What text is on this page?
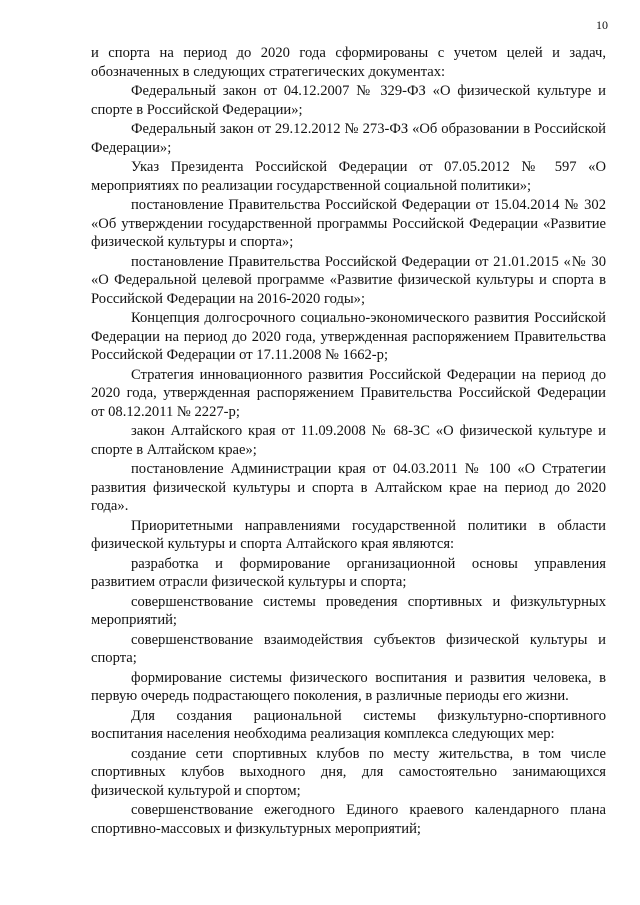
10

и спорта на период до 2020 года сформированы с учетом целей и задач, обозначенных в следующих стратегических документах:

Федеральный закон от 04.12.2007 № 329-ФЗ «О физической культуре и спорте в Российской Федерации»;

Федеральный закон от 29.12.2012 № 273-ФЗ «Об образовании в Российской Федерации»;

Указ Президента Российской Федерации от 07.05.2012 № 597 «О мероприятиях по реализации государственной социальной политики»;

постановление Правительства Российской Федерации от 15.04.2014 № 302 «Об утверждении государственной программы Российской Федерации «Развитие физической культуры и спорта»;

постановление Правительства Российской Федерации от 21.01.2015 «№ 30 «О Федеральной целевой программе «Развитие физической культуры и спорта в Российской Федерации на 2016-2020 годы»;

Концепция долгосрочного социально-экономического развития Российской Федерации на период до 2020 года, утвержденная распоряжением Правительства Российской Федерации от 17.11.2008 № 1662-р;

Стратегия инновационного развития Российской Федерации на период до 2020 года, утвержденная распоряжением Правительства Российской Федерации от 08.12.2011 № 2227-р;

закон Алтайского края от 11.09.2008 № 68-ЗС «О физической культуре и спорте в Алтайском крае»;

постановление Администрации края от 04.03.2011 № 100 «О Стратегии развития физической культуры и спорта в Алтайском крае на период до 2020 года».

Приоритетными направлениями государственной политики в области физической культуры и спорта Алтайского края являются:

разработка и формирование организационной основы управления развитием отрасли физической культуры и спорта;

совершенствование системы проведения спортивных и физкультурных мероприятий;

совершенствование взаимодействия субъектов физической культуры и спорта;

формирование системы физического воспитания и развития человека, в первую очередь подрастающего поколения, в различные периоды его жизни.

Для создания рациональной системы физкультурно-спортивного воспитания населения необходима реализация комплекса следующих мер:

создание сети спортивных клубов по месту жительства, в том числе спортивных клубов выходного дня, для самостоятельно занимающихся физической культурой и спортом;

совершенствование ежегодного Единого краевого календарного плана спортивно-массовых и физкультурных мероприятий;
